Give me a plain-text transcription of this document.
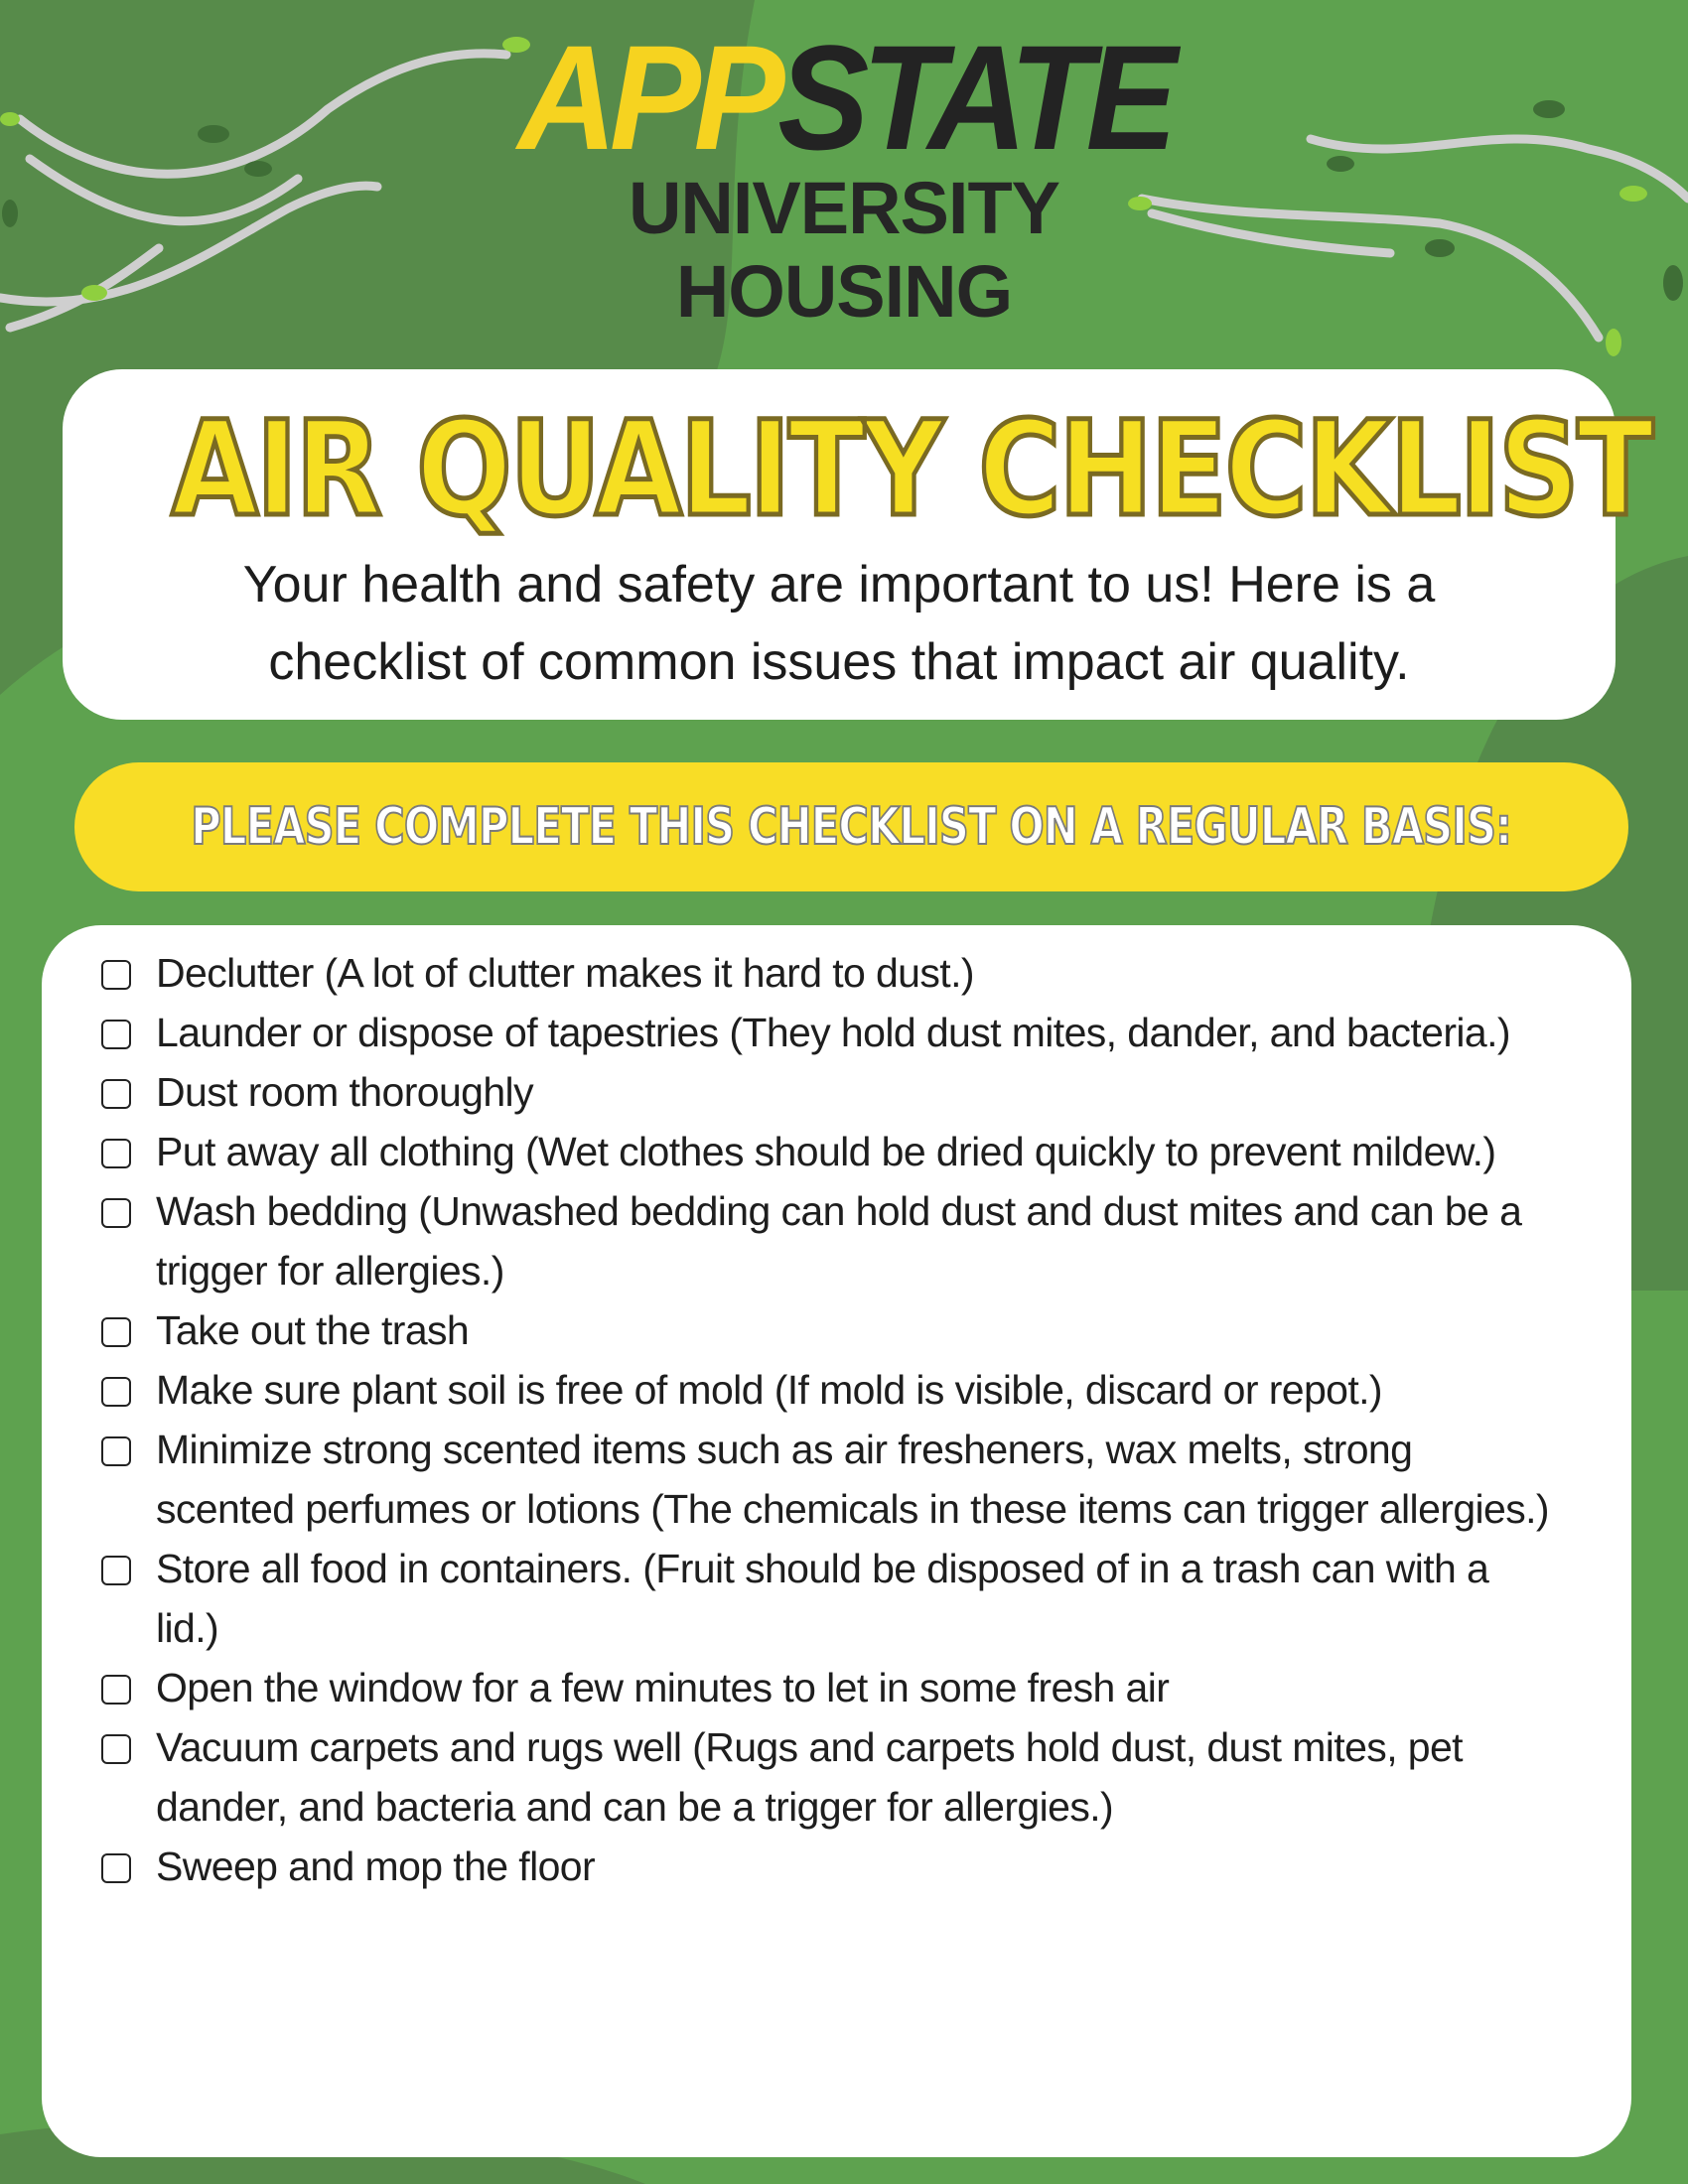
APPSTATE
UNIVERSITY
HOUSING
AIR QUALITY CHECKLIST
Your health and safety are important to us! Here is a checklist of common issues that impact air quality.
PLEASE COMPLETE THIS CHECKLIST ON A REGULAR BASIS:
Declutter (A lot of clutter makes it hard to dust.)
Launder or dispose of tapestries (They hold dust mites, dander, and bacteria.)
Dust room thoroughly
Put away all clothing (Wet clothes should be dried quickly to prevent mildew.)
Wash bedding (Unwashed bedding can hold dust and dust mites and can be a trigger for allergies.)
Take out the trash
Make sure plant soil is free of mold (If mold is visible, discard or repot.)
Minimize strong scented items such as air fresheners, wax melts, strong scented perfumes or lotions (The chemicals in these items can trigger allergies.)
Store all food in containers. (Fruit should be disposed of in a trash can with a lid.)
Open the window for a few minutes to let in some fresh air
Vacuum carpets and rugs well (Rugs and carpets hold dust, dust mites, pet dander, and bacteria and can be a trigger for allergies.)
Sweep and mop the floor
